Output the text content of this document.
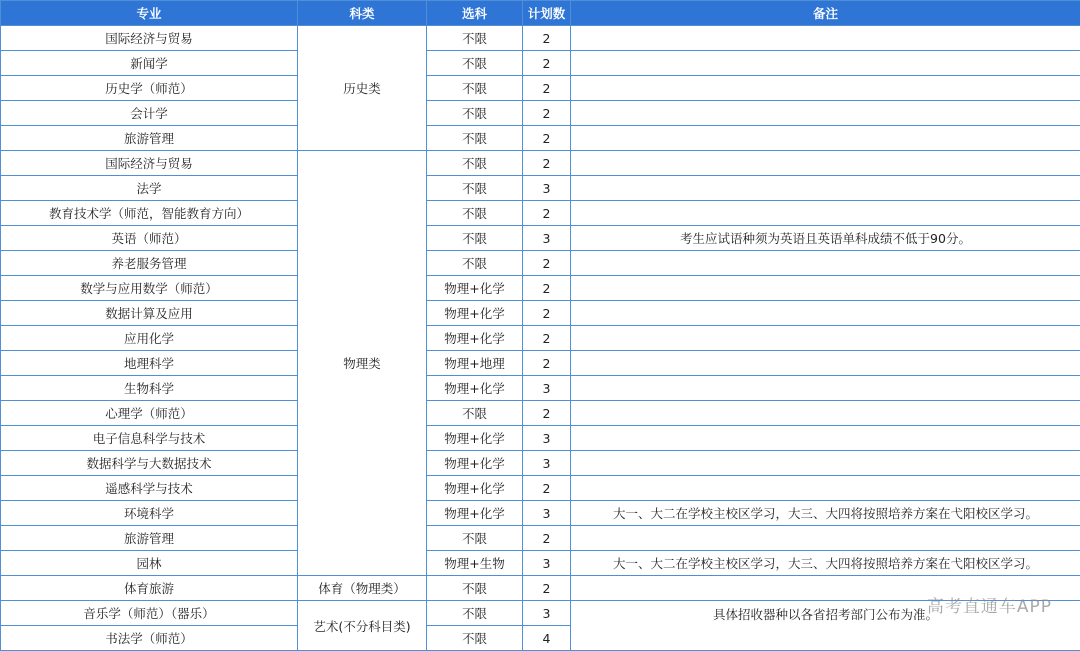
专业	科类	选科	计划数	备注
国际经济与贸易	历史类	不限	2	
新闻学		不限	2	
历史学（师范）		不限	2	
会计学		不限	2	
旅游管理		不限	2	
国际经济与贸易	物理类	不限	2	
法学		不限	3	
教育技术学（师范，智能教育方向）		不限	2	
英语（师范）		不限	3	考生应试语种须为英语且英语单科成绩不低于90分。
养老服务管理		不限	2	
数学与应用数学（师范）		物理+化学	2	
数据计算及应用		物理+化学	2	
应用化学		物理+化学	2	
地理科学		物理+地理	2	
生物科学		物理+化学	3	
心理学（师范）		不限	2	
电子信息科学与技术		物理+化学	3	
数据科学与大数据技术		物理+化学	3	
遥感科学与技术		物理+化学	2	
环境科学		物理+化学	3	大一、大二在学校主校区学习，大三、大四将按照培养方案在弋阳校区学习。
旅游管理		不限	2	
园林		物理+生物	3	大一、大二在学校主校区学习，大三、大四将按照培养方案在弋阳校区学习。
体育旅游	体育（物理类）	不限	2	
音乐学（师范）（器乐）	艺术(不分科目类)	不限	3	具体招收器种以各省招考部门公布为准。
书法学（师范）		不限	4	
高考直通车APP
